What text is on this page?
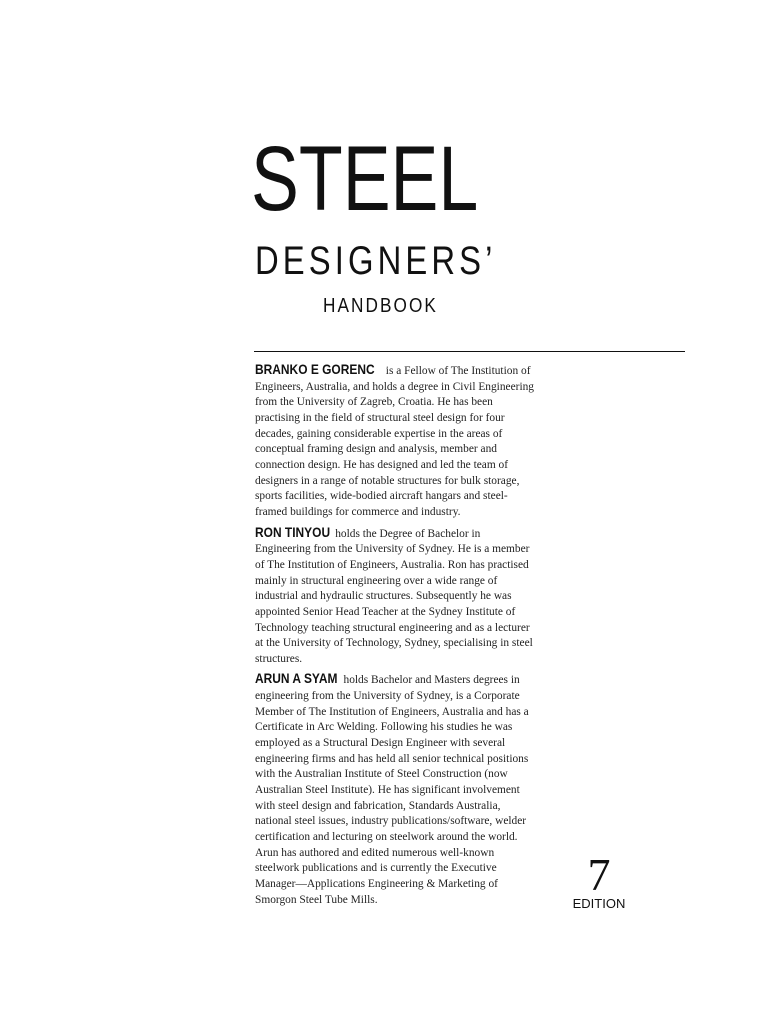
STEEL
DESIGNERS’
HANDBOOK

BRANKO E GORENC is a Fellow of The Institution of Engineers, Australia, and holds a degree in Civil Engineering from the University of Zagreb, Croatia. He has been practising in the field of structural steel design for four decades, gaining considerable expertise in the areas of conceptual framing design and analysis, member and connection design. He has designed and led the team of designers in a range of notable structures for bulk storage, sports facilities, wide-bodied aircraft hangars and steel-framed buildings for commerce and industry.

RON TINYOU holds the Degree of Bachelor in Engineering from the University of Sydney. He is a member of The Institution of Engineers, Australia. Ron has practised mainly in structural engineering over a wide range of industrial and hydraulic structures. Subsequently he was appointed Senior Head Teacher at the Sydney Institute of Technology teaching structural engineering and as a lecturer at the University of Technology, Sydney, specialising in steel structures.

ARUN A SYAM holds Bachelor and Masters degrees in engineering from the University of Sydney, is a Corporate Member of The Institution of Engineers, Australia and has a Certificate in Arc Welding. Following his studies he was employed as a Structural Design Engineer with several engineering firms and has held all senior technical positions with the Australian Institute of Steel Construction (now Australian Steel Institute). He has significant involvement with steel design and fabrication, Standards Australia, national steel issues, industry publications/software, welder certification and lecturing on steelwork around the world. Arun has authored and edited numerous well-known steelwork publications and is currently the Executive Manager—Applications Engineering & Marketing of Smorgon Steel Tube Mills.	7
EDITION
